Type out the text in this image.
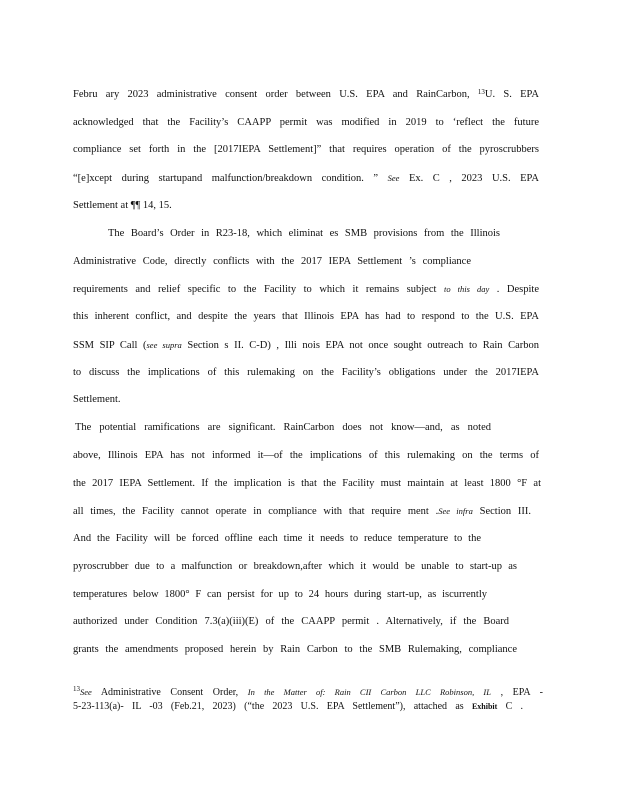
Febru ary 2023 administrative consent order between U.S. EPA and RainCarbon, $^{13}$U. S. EPA
acknowledged that the Facility’s CAAPP permit was modified in 2019 to ‘reflect the future
compliance set forth in the [2017IEPA Settlement]” that requires operation of the pyroscrubbers
“[e]xcept during startupand malfunction/breakdown condition. ” See Ex. C , 2023 U.S. EPA
Settlement at ¶¶ 14, 15.
The Board’s Order in R23-18, which eliminat es SMB provisions from the Illinois
Administrative Code, directly conflicts with the 2017 IEPA Settlement ’s compliance
requirements and relief specific to the Facility to which it remains subject to this day . Despite
this inherent conflict, and despite the years that Illinois EPA has had to respond to the U.S. EPA
SSM SIP Call (see supra Section s II. C-D) , Illi nois EPA not once sought outreach to Rain Carbon
to discuss the implications of this rulemaking on the Facility’s obligations under the 2017IEPA
Settlement.
The potential ramifications are significant. RainCarbon does not know—and, as noted
above, Illinois EPA has not informed it—of the implications of this rulemaking on the terms of
the 2017 IEPA Settlement. If the implication is that the Facility must maintain at least 1800 °F at
all times, the Facility cannot operate in compliance with that require ment .See infra Section III.
And the Facility will be forced offline each time it needs to reduce temperature to the
pyroscrubber due to a malfunction or breakdown,after which it would be unable to start-up as
temperatures below 1800° F can persist for up to 24 hours during start-up, as iscurrently
authorized under Condition 7.3(a)(iii)(E) of the CAAPP permit . Alternatively, if the Board
grants the amendments proposed herein by Rain Carbon to the SMB Rulemaking, compliance
$^{13}$See Administrative Consent Order, In the Matter of: Rain CII Carbon LLC Robinson, IL , EPA -
5-23-113(a)- IL -03 (Feb.21, 2023) (“the 2023 U.S. EPA Settlement”), attached as Exhibit C .
